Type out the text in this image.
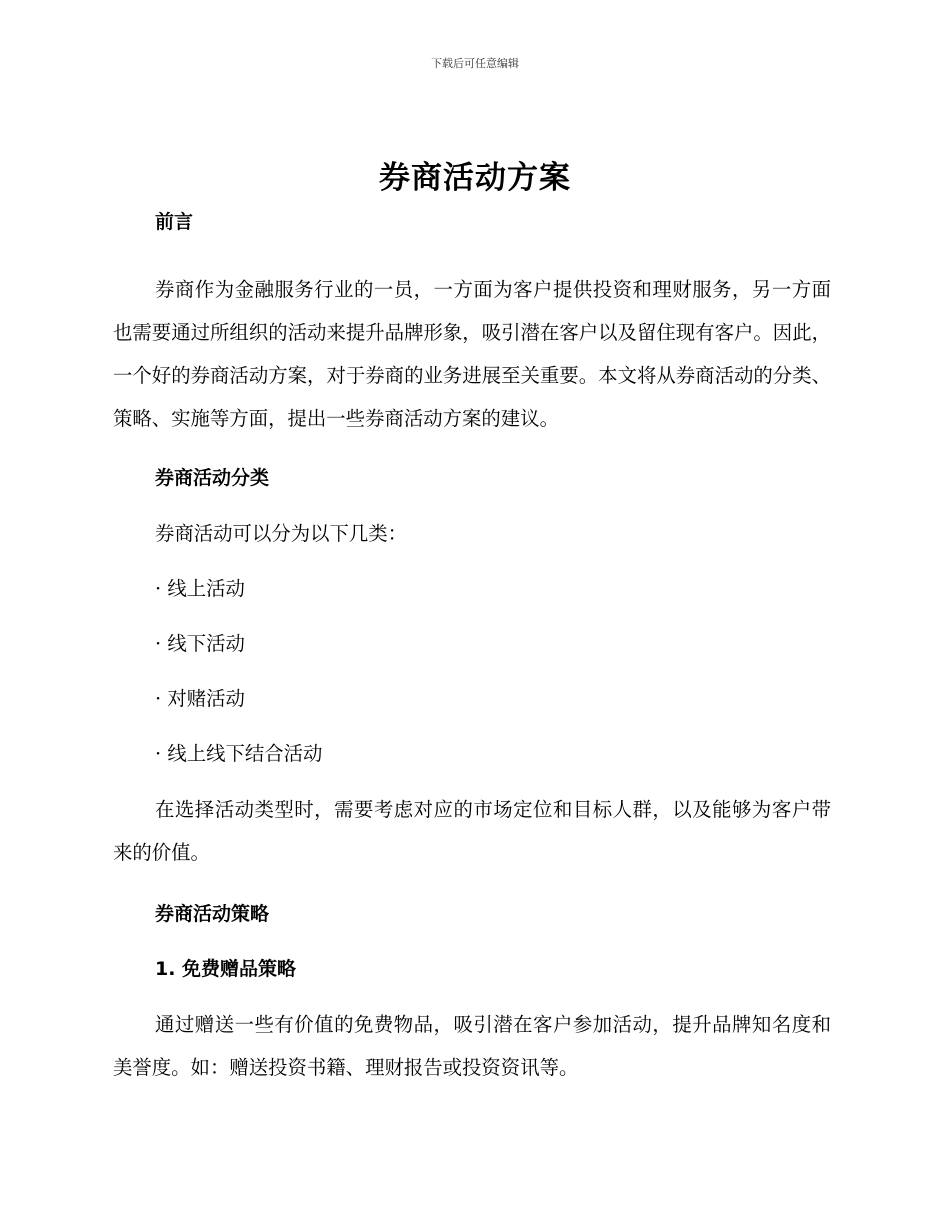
下载后可任意编辑
券商活动方案
前言
券商作为金融服务行业的一员，一方面为客户提供投资和理财服务，另一方面也需要通过所组织的活动来提升品牌形象，吸引潜在客户以及留住现有客户。因此，一个好的券商活动方案，对于券商的业务进展至关重要。本文将从券商活动的分类、策略、实施等方面，提出一些券商活动方案的建议。
券商活动分类
券商活动可以分为以下几类：
· 线上活动
· 线下活动
· 对赌活动
· 线上线下结合活动
在选择活动类型时，需要考虑对应的市场定位和目标人群，以及能够为客户带来的价值。
券商活动策略
1. 免费赠品策略
通过赠送一些有价值的免费物品，吸引潜在客户参加活动，提升品牌知名度和美誉度。如：赠送投资书籍、理财报告或投资资讯等。
